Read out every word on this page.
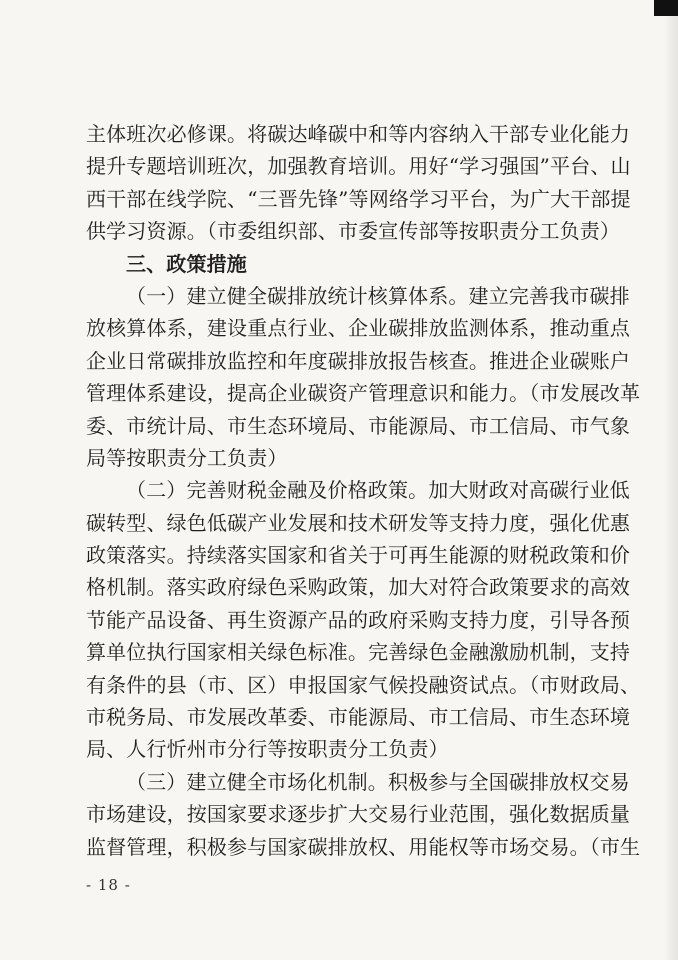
主体班次必修课。将碳达峰碳中和等内容纳入干部专业化能力
提升专题培训班次，加强教育培训。用好“学习强国”平台、山
西干部在线学院、“三晋先锋”等网络学习平台，为广大干部提
供学习资源。（市委组织部、市委宣传部等按职责分工负责）
三、政策措施
（一）建立健全碳排放统计核算体系。建立完善我市碳排
放核算体系，建设重点行业、企业碳排放监测体系，推动重点
企业日常碳排放监控和年度碳排放报告核查。推进企业碳账户
管理体系建设，提高企业碳资产管理意识和能力。（市发展改革
委、市统计局、市生态环境局、市能源局、市工信局、市气象
局等按职责分工负责）
（二）完善财税金融及价格政策。加大财政对高碳行业低
碳转型、绿色低碳产业发展和技术研发等支持力度，强化优惠
政策落实。持续落实国家和省关于可再生能源的财税政策和价
格机制。落实政府绿色采购政策，加大对符合政策要求的高效
节能产品设备、再生资源产品的政府采购支持力度，引导各预
算单位执行国家相关绿色标准。完善绿色金融激励机制，支持
有条件的县（市、区）申报国家气候投融资试点。（市财政局、
市税务局、市发展改革委、市能源局、市工信局、市生态环境
局、人行忻州市分行等按职责分工负责）
（三）建立健全市场化机制。积极参与全国碳排放权交易
市场建设，按国家要求逐步扩大交易行业范围，强化数据质量
监督管理，积极参与国家碳排放权、用能权等市场交易。（市生
- 18 -
